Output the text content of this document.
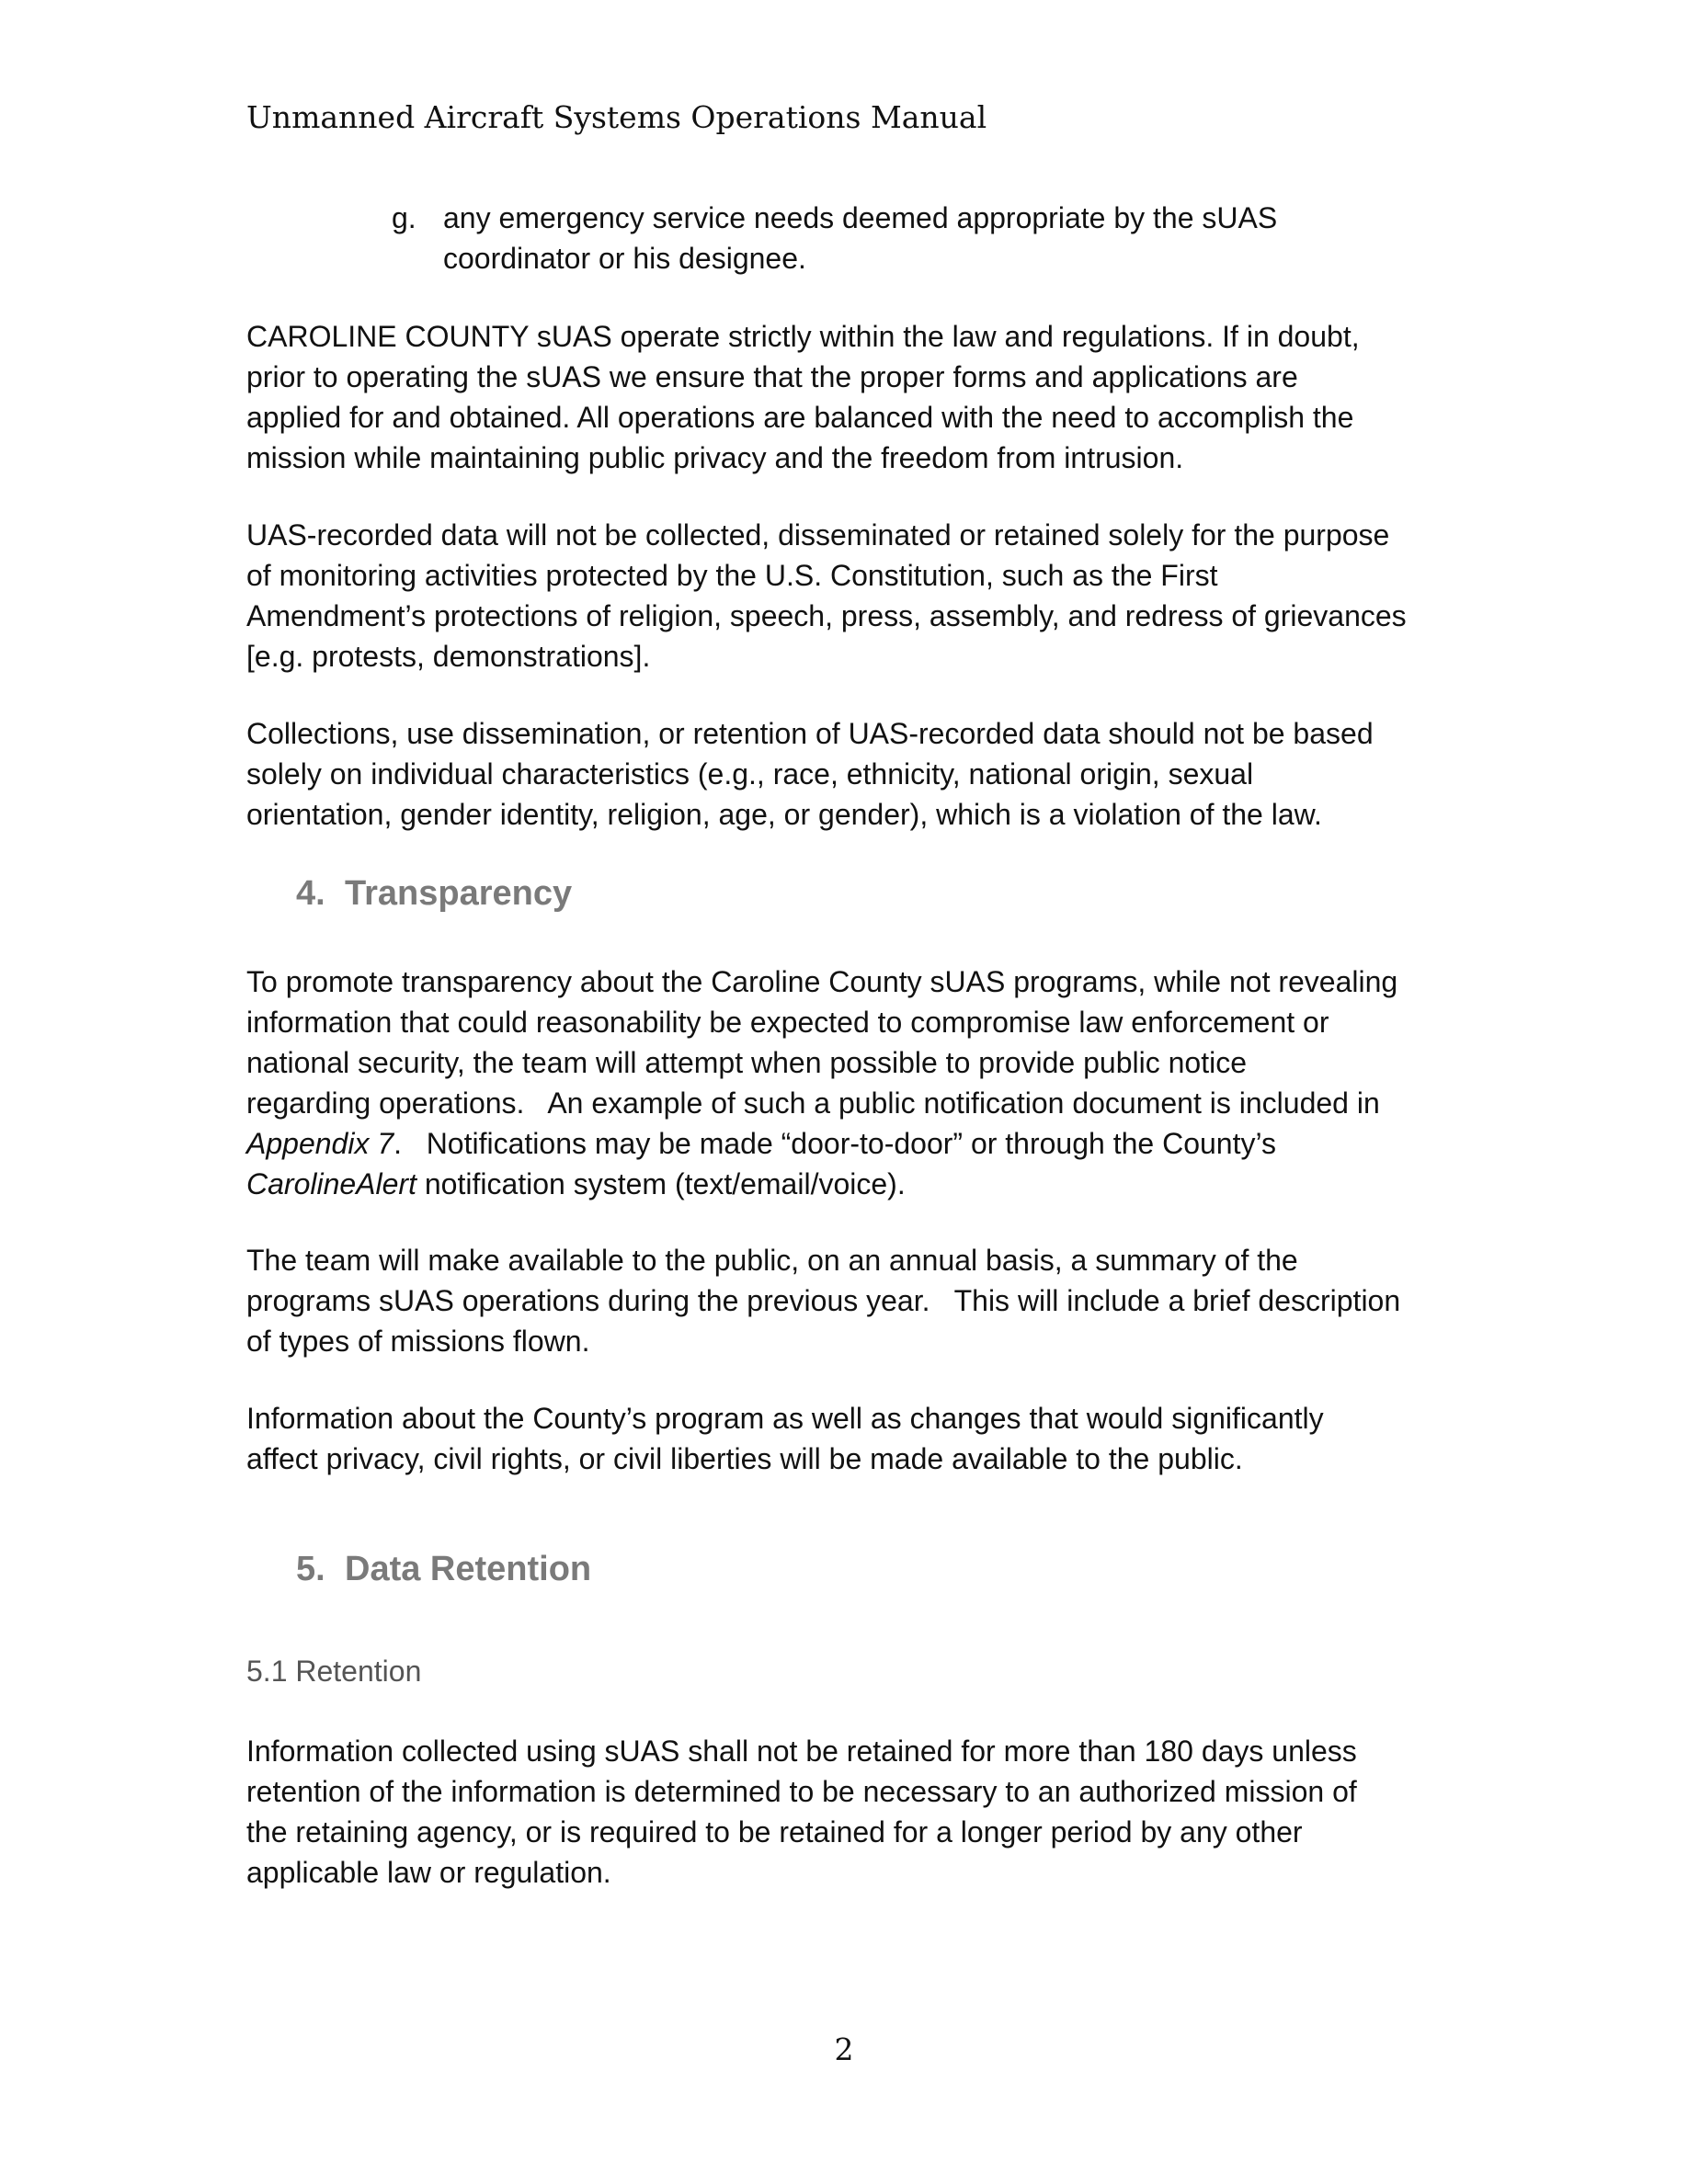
Unmanned Aircraft Systems Operations Manual
g. any emergency service needs deemed appropriate by the sUAS
coordinator or his designee.
CAROLINE COUNTY sUAS operate strictly within the law and regulations. If in doubt,
prior to operating the sUAS we ensure that the proper forms and applications are
applied for and obtained. All operations are balanced with the need to accomplish the
mission while maintaining public privacy and the freedom from intrusion.
UAS-recorded data will not be collected, disseminated or retained solely for the purpose
of monitoring activities protected by the U.S. Constitution, such as the First
Amendment’s protections of religion, speech, press, assembly, and redress of grievances
[e.g. protests, demonstrations].
Collections, use dissemination, or retention of UAS-recorded data should not be based
solely on individual characteristics (e.g., race, ethnicity, national origin, sexual
orientation, gender identity, religion, age, or gender), which is a violation of the law.
4. Transparency
To promote transparency about the Caroline County sUAS programs, while not revealing
information that could reasonability be expected to compromise law enforcement or
national security, the team will attempt when possible to provide public notice
regarding operations.   An example of such a public notification document is included in
Appendix 7.   Notifications may be made “door-to-door” or through the County’s
CarolineAlert notification system (text/email/voice).
The team will make available to the public, on an annual basis, a summary of the
programs sUAS operations during the previous year.   This will include a brief description
of types of missions flown.
Information about the County’s program as well as changes that would significantly
affect privacy, civil rights, or civil liberties will be made available to the public.
5. Data Retention
5.1 Retention
Information collected using sUAS shall not be retained for more than 180 days unless
retention of the information is determined to be necessary to an authorized mission of
the retaining agency, or is required to be retained for a longer period by any other
applicable law or regulation.
2
